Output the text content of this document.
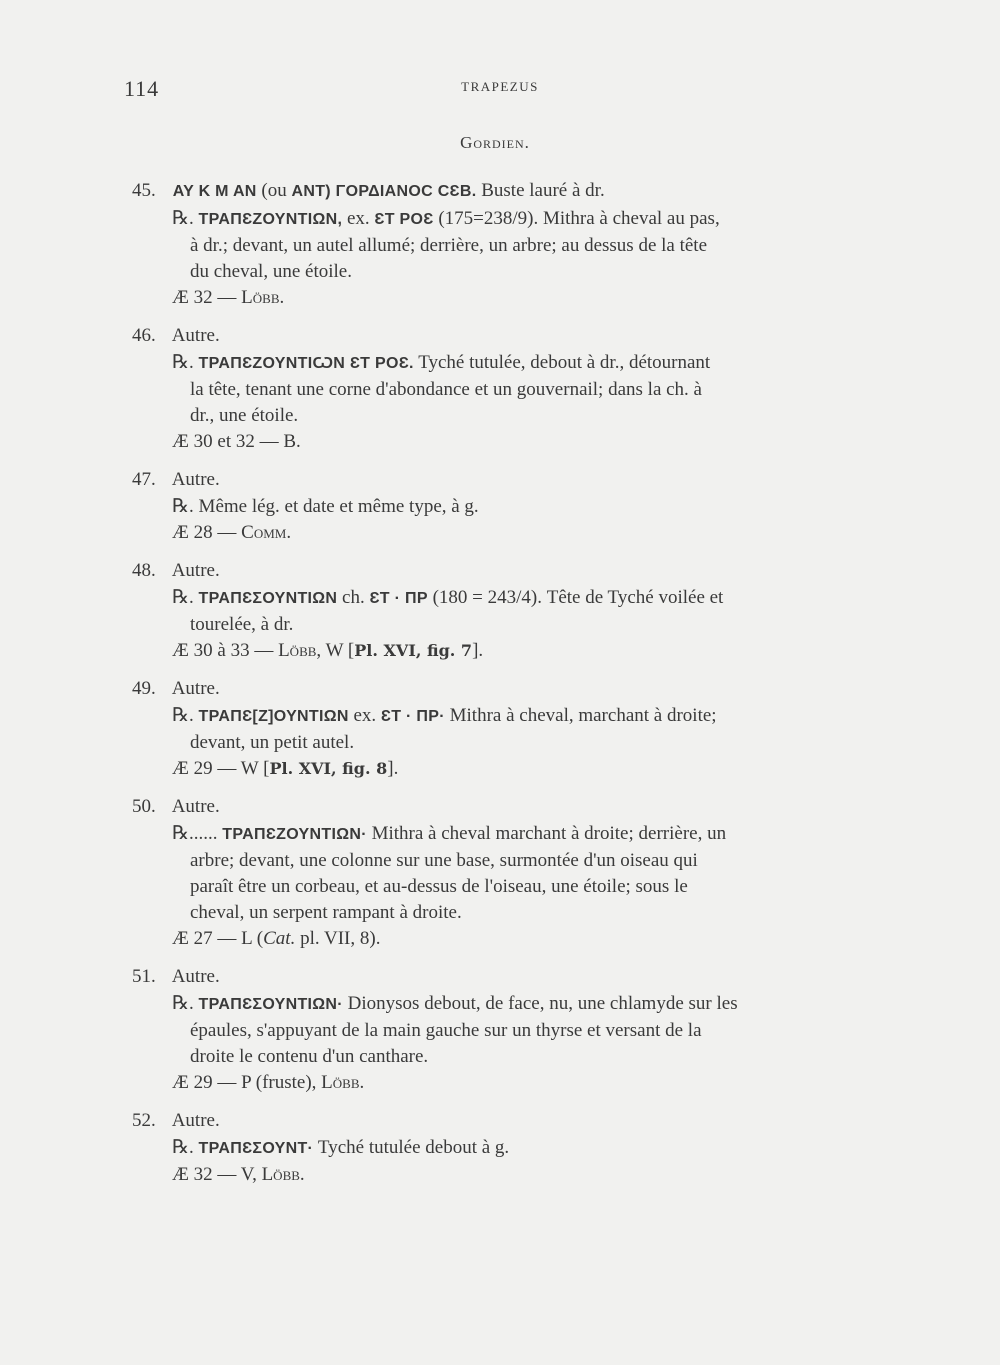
114	TRAPEZUS
Gordien.
45. AY K M AN (ou ANT) ΓΟΡΔΙΑΝΟϹ ϹƐΒ. Buste lauré à dr.
℞. ΤΡΑΠƐΖΟΥΝΤΙΩΝ, ex. ƐΤ ΡΟƐ (175=238/9). Mithra à cheval au pas,
à dr.; devant, un autel allumé; derrière, un arbre; au dessus de la tête
du cheval, une étoile.
Æ 32 — Löbb.
46. Autre.
℞. ΤΡΑΠƐΖΟΥΝΤΙѠΝ ƐΤ ΡΟƐ. Tyché tutulée, debout à dr., détournant
la tête, tenant une corne d'abondance et un gouvernail; dans la ch. à
dr., une étoile.
Æ 30 et 32 — B.
47. Autre.
℞. Même lég. et date et même type, à g.
Æ 28 — Comm.
48. Autre.
℞. ΤΡΑΠƐΣΟΥΝΤΙΩΝ ch. ƐΤ · ΠΡ (180 = 243/4). Tête de Tyché voilée et
tourelée, à dr.
Æ 30 à 33 — Löbb, W [Pl. XVI, fig. 7].
49. Autre.
℞. ΤΡΑΠƐ[Ζ]ΟΥΝΤΙΩΝ ex. ƐΤ · ΠΡ· Mithra à cheval, marchant à droite;
devant, un petit autel.
Æ 29 — W [Pl. XVI, fig. 8].
50. Autre.
℞...... ΤΡΑΠƐΖΟΥΝΤΙΩΝ· Mithra à cheval marchant à droite; derrière, un
arbre; devant, une colonne sur une base, surmontée d'un oiseau qui
paraît être un corbeau, et au-dessus de l'oiseau, une étoile; sous le
cheval, un serpent rampant à droite.
Æ 27 — L (Cat. pl. VII, 8).
51. Autre.
℞. ΤΡΑΠƐΣΟΥΝΤΙΩΝ· Dionysos debout, de face, nu, une chlamyde sur les
épaules, s'appuyant de la main gauche sur un thyrse et versant de la
droite le contenu d'un canthare.
Æ 29 — P (fruste), Löbb.
52. Autre.
℞. ΤΡΑΠƐΣΟΥΝΤ· Tyché tutulée debout à g.
Æ 32 — V, Löbb.
